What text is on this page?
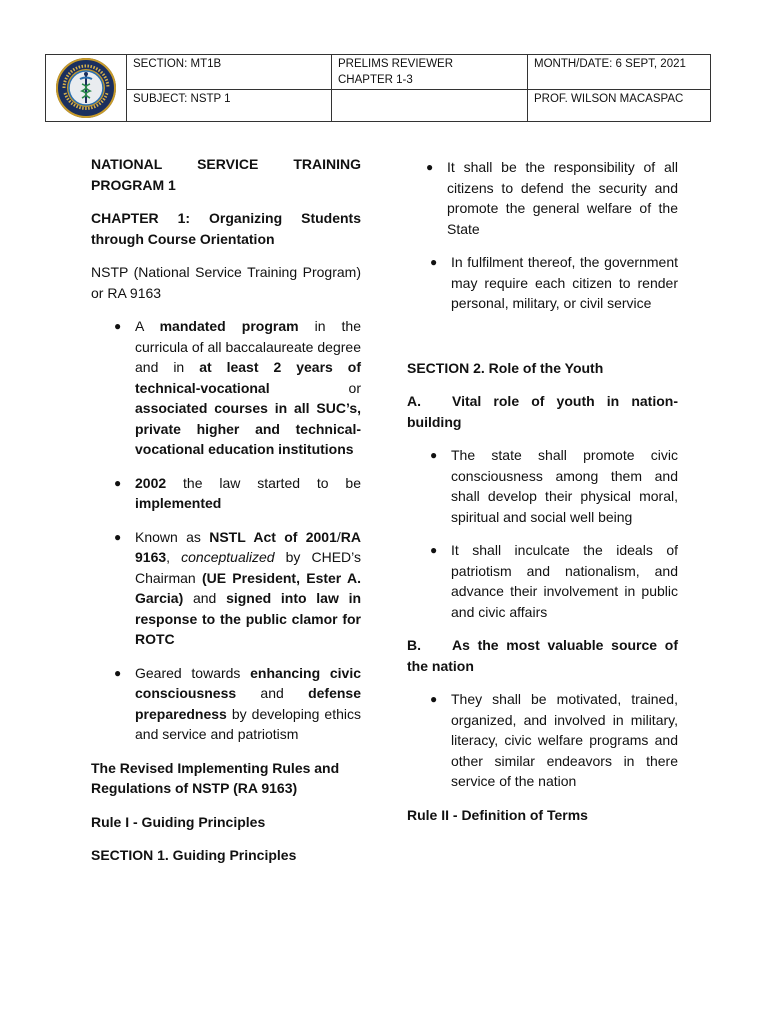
SECTION: MT1B	PRELIMS REVIEWER
CHAPTER 1-3
MONTH/DATE: 6 SEPT, 2021
SUBJECT: NSTP 1	PROF. WILSON MACASPAC

NATIONAL SERVICE TRAINING PROGRAM 1

CHAPTER 1: Organizing Students through Course Orientation

NSTP (National Service Training Program) or RA 9163

● A mandated program in the curricula of all baccalaureate degree and in at least 2 years of technical-vocational or associated courses in all SUC’s, private higher and technical-vocational education institutions
● 2002 the law started to be implemented
● Known as NSTL Act of 2001/RA 9163, conceptualized by CHED’s Chairman (UE President, Ester A. Garcia) and signed into law in response to the public clamor for ROTC
● Geared towards enhancing civic consciousness and defense preparedness by developing ethics and service and patriotism

The Revised Implementing Rules and Regulations of NSTP (RA 9163)

Rule I - Guiding Principles

SECTION 1. Guiding Principles

● It shall be the responsibility of all citizens to defend the security and promote the general welfare of the State
● In fulfilment thereof, the government may require each citizen to render personal, military, or civil service

SECTION 2. Role of the Youth

A. Vital role of youth in nation-building

● The state shall promote civic consciousness among them and shall develop their physical moral, spiritual and social well being
● It shall inculcate the ideals of patriotism and nationalism, and advance their involvement in public and civic affairs

B. As the most valuable source of the nation

● They shall be motivated, trained, organized, and involved in military, literacy, civic welfare programs and other similar endeavors in there service of the nation

Rule II - Definition of Terms
